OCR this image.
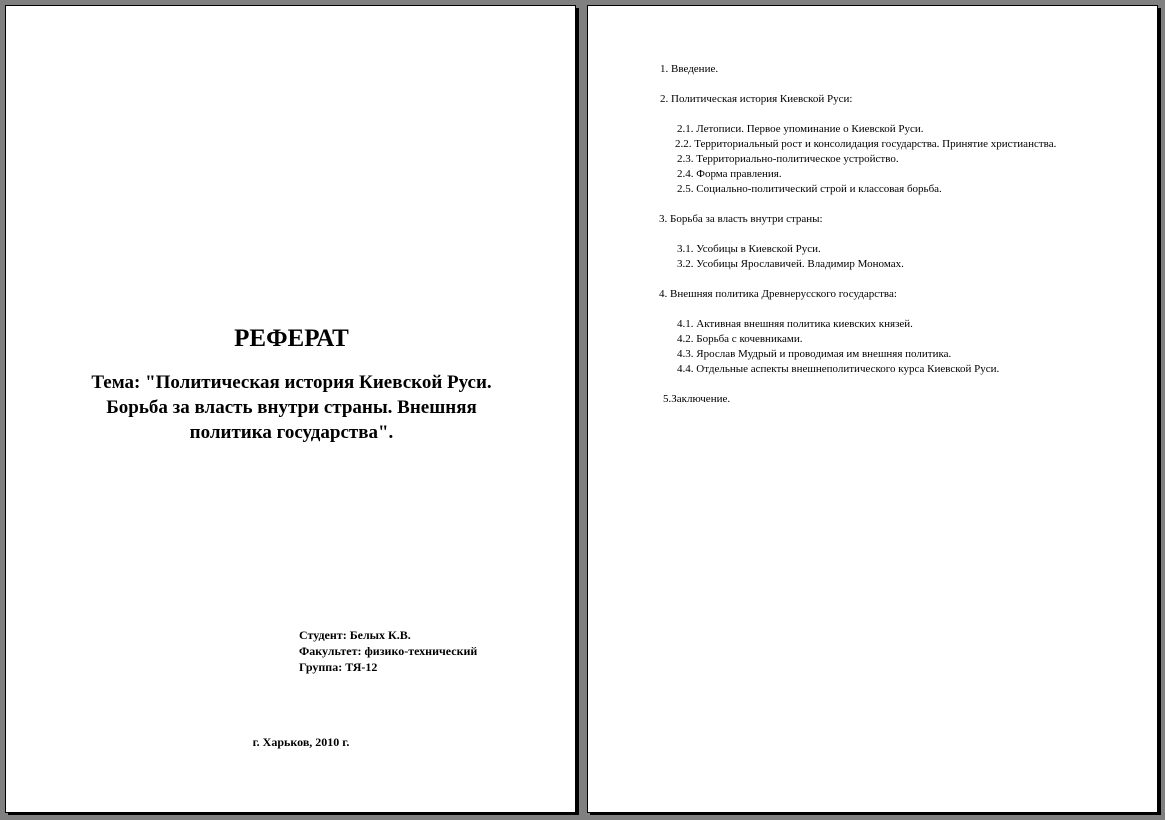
РЕФЕРАТ
Тема: "Политическая история Киевской Руси.
Борьба за власть внутри страны. Внешняя
политика государства".
Студент: Белых К.В.
Факультет: физико-технический
Группа: ТЯ-12
г. Харьков, 2010 г.
1. Введение.
2. Политическая история Киевской Руси:
2.1. Летописи. Первое упоминание о Киевской Руси.
2.2. Территориальный рост и консолидация государства. Принятие христианства.
2.3. Территориально-политическое устройство.
2.4. Форма правления.
2.5. Социально-политический строй и классовая борьба.
3. Борьба за власть внутри страны:
3.1. Усобицы в Киевской Руси.
3.2. Усобицы Ярославичей. Владимир Мономах.
4. Внешняя политика Древнерусского государства:
4.1. Активная внешняя политика киевских князей.
4.2. Борьба с кочевниками.
4.3. Ярослав Мудрый и проводимая им внешняя политика.
4.4. Отдельные аспекты внешнеполитического курса Киевской Руси.
5.Заключение.
